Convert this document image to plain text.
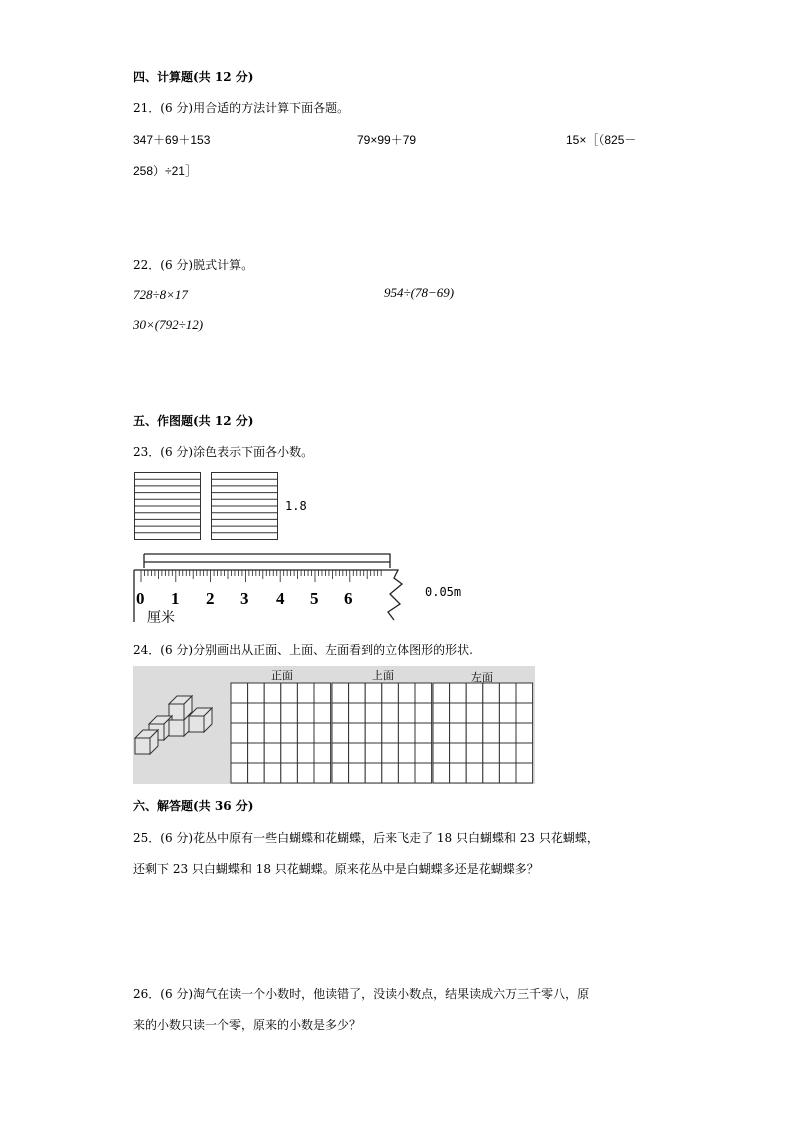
四、计算题(共 12 分)
21．(6 分)用合适的方法计算下面各题。
347＋69＋153	79×99＋79	15×［（825－
258）÷21］
22．(6 分)脱式计算。
728÷8×17	954÷(78−69)
30×(792÷12)
五、作图题(共 12 分)
23．(6 分)涂色表示下面各小数。
1.8
0 1 2 3 4 5 6
厘米
0.05m
24．(6 分)分别画出从正面、上面、左面看到的立体图形的形状.
正面	上面	左面
六、解答题(共 36 分)
25．(6 分)花丛中原有一些白蝴蝶和花蝴蝶，后来飞走了 18 只白蝴蝶和 23 只花蝴蝶，
还剩下 23 只白蝴蝶和 18 只花蝴蝶。原来花丛中是白蝴蝶多还是花蝴蝶多？
26．(6 分)淘气在读一个小数时，他读错了，没读小数点，结果读成六万三千零八，原
来的小数只读一个零，原来的小数是多少？
